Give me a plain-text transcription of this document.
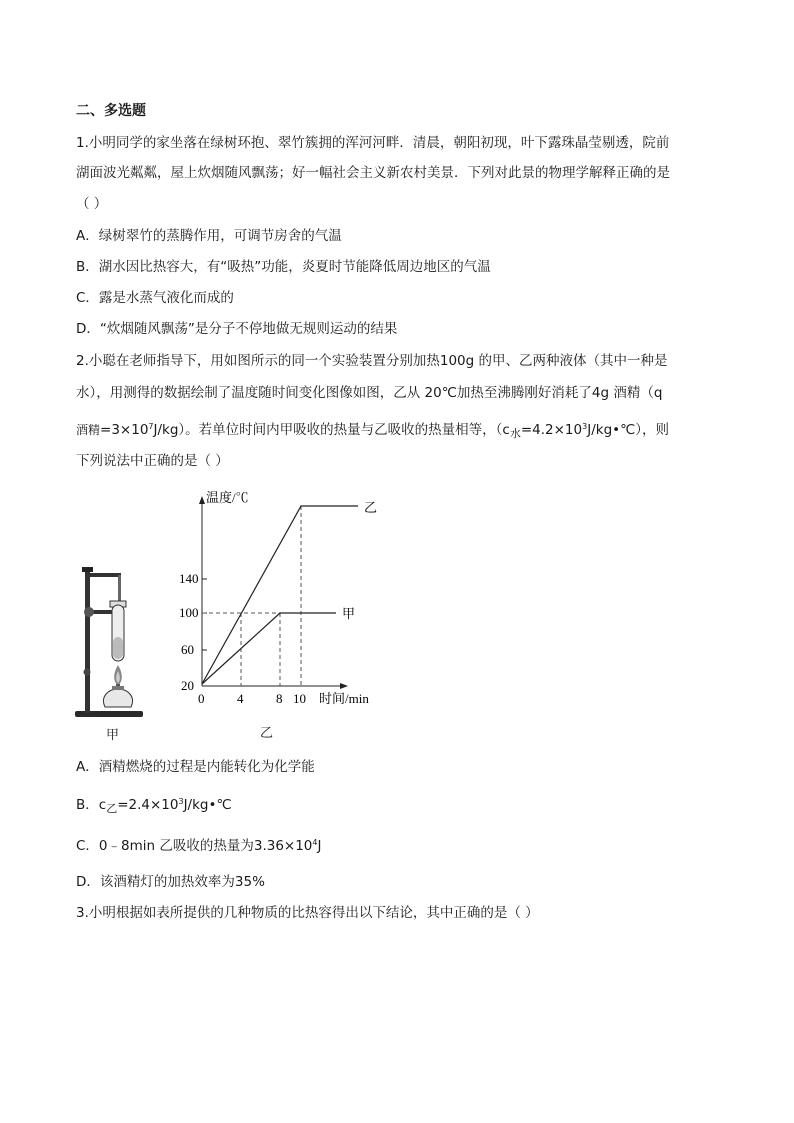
二、多选题
1.小明同学的家坐落在绿树环抱、翠竹簇拥的浑河河畔．清晨，朝阳初现，叶下露珠晶莹剔透，院前
湖面波光粼粼，屋上炊烟随风飘荡；好一幅社会主义新农村美景．下列对此景的物理学解释正确的是
（ ）
A．绿树翠竹的蒸腾作用，可调节房舍的气温
B．湖水因比热容大，有“吸热”功能，炎夏时节能降低周边地区的气温
C．露是水蒸气液化而成的
D．“炊烟随风飘荡”是分子不停地做无规则运动的结果
2.小聪在老师指导下，用如图所示的同一个实验装置分别加热100g 的甲、乙两种液体（其中一种是
水），用测得的数据绘制了温度随时间变化图像如图，乙从 20℃加热至沸腾刚好消耗了4g 酒精（q
酒精$=3\times 10^7J/kg$）。若单位时间内甲吸收的热量与乙吸收的热量相等，$(c_水=4.2\times 10^3J/kg•℃)$，则
下列说法中正确的是（ ）
甲
温度/℃
乙
甲
140
100
60
20
0	4	8 10 时间/min
乙
A．酒精燃烧的过程是内能转化为化学能
B．$c_乙=2.4\times 10^3J/kg•℃$
C．0﹣8min 乙吸收的热量为$3.36\times 10^4J$
D．该酒精灯的加热效率为35%
3.小明根据如表所提供的几种物质的比热容得出以下结论，其中正确的是（ ）
